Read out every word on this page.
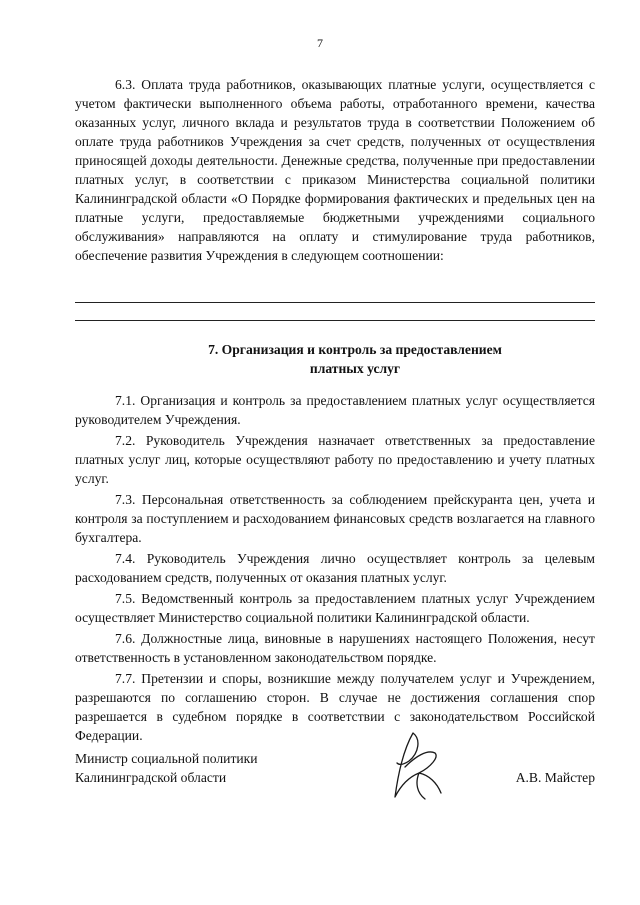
7

6.3. Оплата труда работников, оказывающих платные услуги, осуществляется с учетом фактически выполненного объема работы, отработанного времени, качества оказанных услуг, личного вклада и результатов труда в соответствии Положением об оплате труда работников Учреждения за счет средств, полученных от осуществления приносящей доходы деятельности. Денежные средства, полученные при предоставлении платных услуг, в соответствии с приказом Министерства социальной политики Калининградской области «О Порядке формирования фактических и предельных цен на платные услуги, предоставляемые бюджетными учреждениями социального обслуживания» направляются на оплату и стимулирование труда работников, обеспечение развития Учреждения в следующем соотношении:

7. Организация и контроль за предоставлением
платных услуг

7.1. Организация и контроль за предоставлением платных услуг осуществляется руководителем Учреждения.

7.2. Руководитель Учреждения назначает ответственных за предоставление платных услуг лиц, которые осуществляют работу по предоставлению и учету платных услуг.

7.3. Персональная ответственность за соблюдением прейскуранта цен, учета и контроля за поступлением и расходованием финансовых средств возлагается на главного бухгалтера.

7.4. Руководитель Учреждения лично осуществляет контроль за целевым расходованием средств, полученных от оказания платных услуг.

7.5. Ведомственный контроль за предоставлением платных услуг Учреждением осуществляет Министерство социальной политики Калининградской области.

7.6. Должностные лица, виновные в нарушениях настоящего Положения, несут ответственность в установленном законодательством порядке.

7.7. Претензии и споры, возникшие между получателем услуг и Учреждением, разрешаются по соглашению сторон. В случае не достижения соглашения спор разрешается в судебном порядке в соответствии с законодательством Российской Федерации.

Министр социальной политики
Калининградской области	А.В. Майстер
